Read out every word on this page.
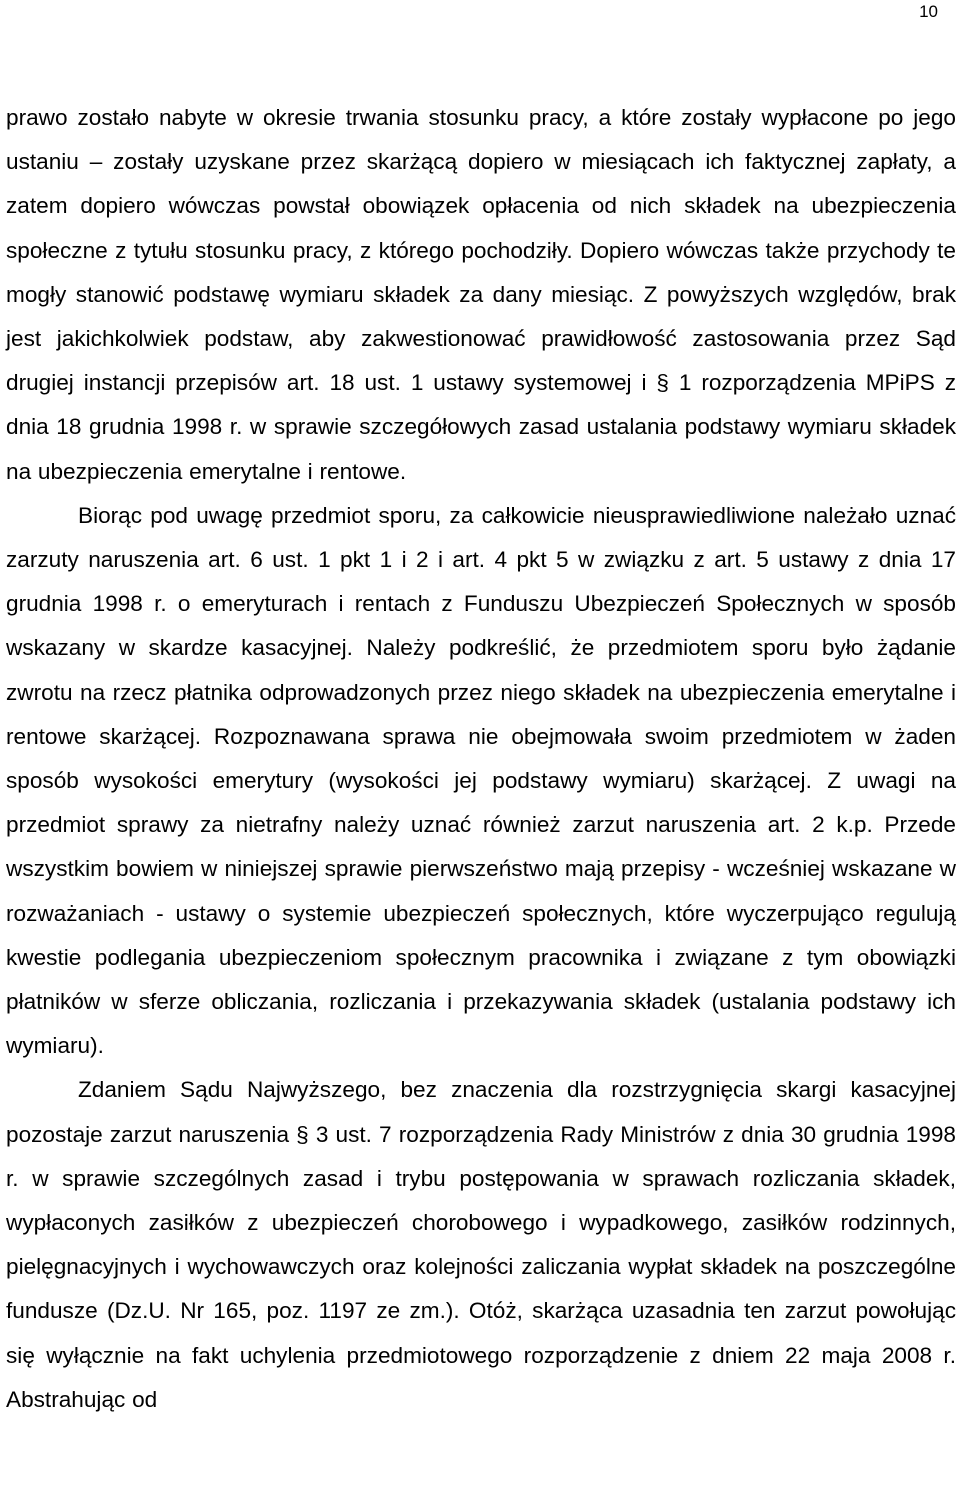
10

prawo zostało nabyte w okresie trwania stosunku pracy, a które zostały wypłacone po jego ustaniu – zostały uzyskane przez skarżącą dopiero w miesiącach ich faktycznej zapłaty, a zatem dopiero wówczas powstał obowiązek opłacenia od nich składek na ubezpieczenia społeczne z tytułu stosunku pracy, z którego pochodziły. Dopiero wówczas także przychody te mogły stanowić podstawę wymiaru składek za dany miesiąc. Z powyższych względów, brak jest jakichkolwiek podstaw, aby zakwestionować prawidłowość zastosowania przez Sąd drugiej instancji przepisów art. 18 ust. 1 ustawy systemowej i § 1 rozporządzenia MPiPS z dnia 18 grudnia 1998 r. w sprawie szczegółowych zasad ustalania podstawy wymiaru składek na ubezpieczenia emerytalne i rentowe.

Biorąc pod uwagę przedmiot sporu, za całkowicie nieusprawiedliwione należało uznać zarzuty naruszenia art. 6 ust. 1 pkt 1 i 2 i art. 4 pkt 5 w związku z art. 5 ustawy z dnia 17 grudnia 1998 r. o emeryturach i rentach z Funduszu Ubezpieczeń Społecznych w sposób wskazany w skardze kasacyjnej. Należy podkreślić, że przedmiotem sporu było żądanie zwrotu na rzecz płatnika odprowadzonych przez niego składek na ubezpieczenia emerytalne i rentowe skarżącej. Rozpoznawana sprawa nie obejmowała swoim przedmiotem w żaden sposób wysokości emerytury (wysokości jej podstawy wymiaru) skarżącej. Z uwagi na przedmiot sprawy za nietrafny należy uznać również zarzut naruszenia art. 2 k.p. Przede wszystkim bowiem w niniejszej sprawie pierwszeństwo mają przepisy - wcześniej wskazane w rozważaniach - ustawy o systemie ubezpieczeń społecznych, które wyczerpująco regulują kwestie podlegania ubezpieczeniom społecznym pracownika i związane z tym obowiązki płatników w sferze obliczania, rozliczania i przekazywania składek (ustalania podstawy ich wymiaru).

Zdaniem Sądu Najwyższego, bez znaczenia dla rozstrzygnięcia skargi kasacyjnej pozostaje zarzut naruszenia § 3 ust. 7 rozporządzenia Rady Ministrów z dnia 30 grudnia 1998 r. w sprawie szczególnych zasad i trybu postępowania w sprawach rozliczania składek, wypłaconych zasiłków z ubezpieczeń chorobowego i wypadkowego, zasiłków rodzinnych, pielęgnacyjnych i wychowawczych oraz kolejności zaliczania wypłat składek na poszczególne fundusze (Dz.U. Nr 165, poz. 1197 ze zm.). Otóż, skarżąca uzasadnia ten zarzut powołując się wyłącznie na fakt uchylenia przedmiotowego rozporządzenie z dniem 22 maja 2008 r. Abstrahując od
